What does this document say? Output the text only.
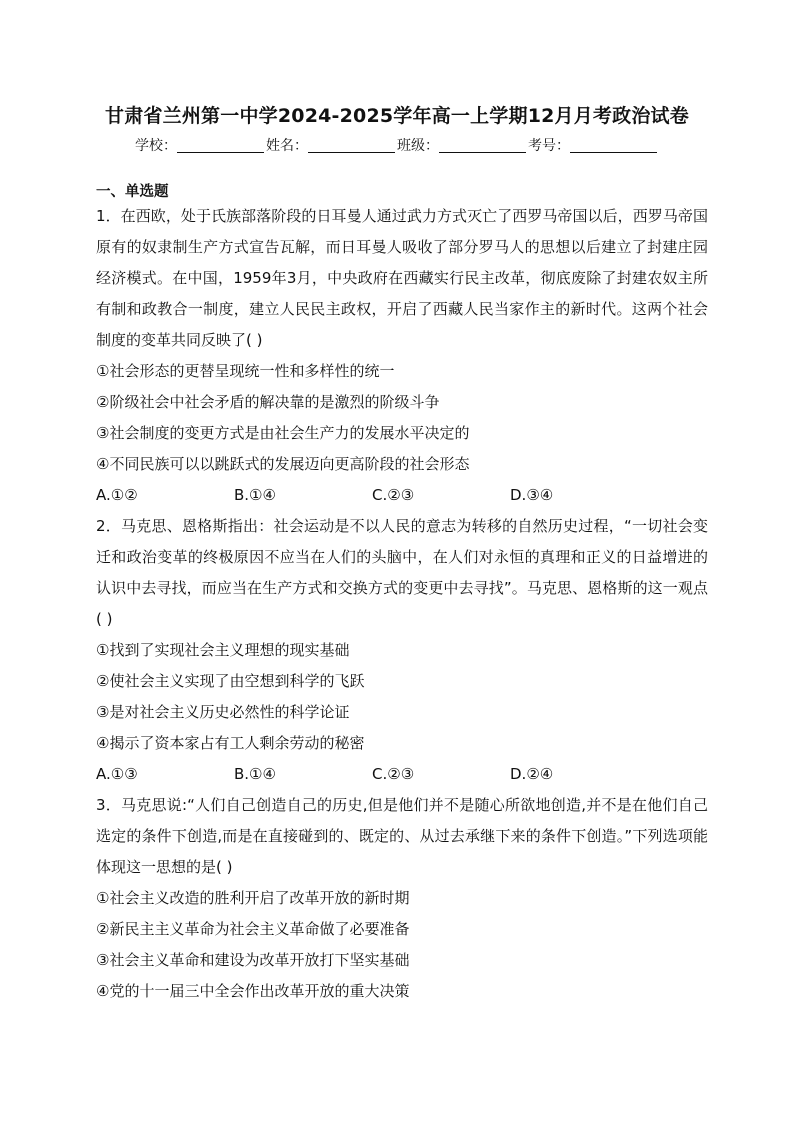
甘肃省兰州第一中学2024-2025学年高一上学期12月月考政治试卷
学校：	姓名：	班级：	考号：
一、单选题

1．在西欧，处于氏族部落阶段的日耳曼人通过武力方式灭亡了西罗马帝国以后，西罗马帝国原有的奴隶制生产方式宣告瓦解，而日耳曼人吸收了部分罗马人的思想以后建立了封建庄园经济模式。在中国，1959年3月，中央政府在西藏实行民主改革，彻底废除了封建农奴主所有制和政教合一制度，建立人民民主政权，开启了西藏人民当家作主的新时代。这两个社会制度的变革共同反映了( )

①社会形态的更替呈现统一性和多样性的统一

②阶级社会中社会矛盾的解决靠的是激烈的阶级斗争

③社会制度的变更方式是由社会生产力的发展水平决定的

④不同民族可以以跳跃式的发展迈向更高阶段的社会形态

A.①②	B.①④	C.②③	D.③④

2．马克思、恩格斯指出：社会运动是不以人民的意志为转移的自然历史过程，“一切社会变迁和政治变革的终极原因不应当在人们的头脑中，在人们对永恒的真理和正义的日益增进的认识中去寻找，而应当在生产方式和交换方式的变更中去寻找”。马克思、恩格斯的这一观点( )

①找到了实现社会主义理想的现实基础

②使社会主义实现了由空想到科学的飞跃

③是对社会主义历史必然性的科学论证

④揭示了资本家占有工人剩余劳动的秘密

A.①③	B.①④	C.②③	D.②④

3．马克思说:“人们自己创造自己的历史,但是他们并不是随心所欲地创造,并不是在他们自己选定的条件下创造,而是在直接碰到的、既定的、从过去承继下来的条件下创造。”下列选项能体现这一思想的是( )

①社会主义改造的胜利开启了改革开放的新时期

②新民主主义革命为社会主义革命做了必要准备

③社会主义革命和建设为改革开放打下坚实基础

④党的十一届三中全会作出改革开放的重大决策
